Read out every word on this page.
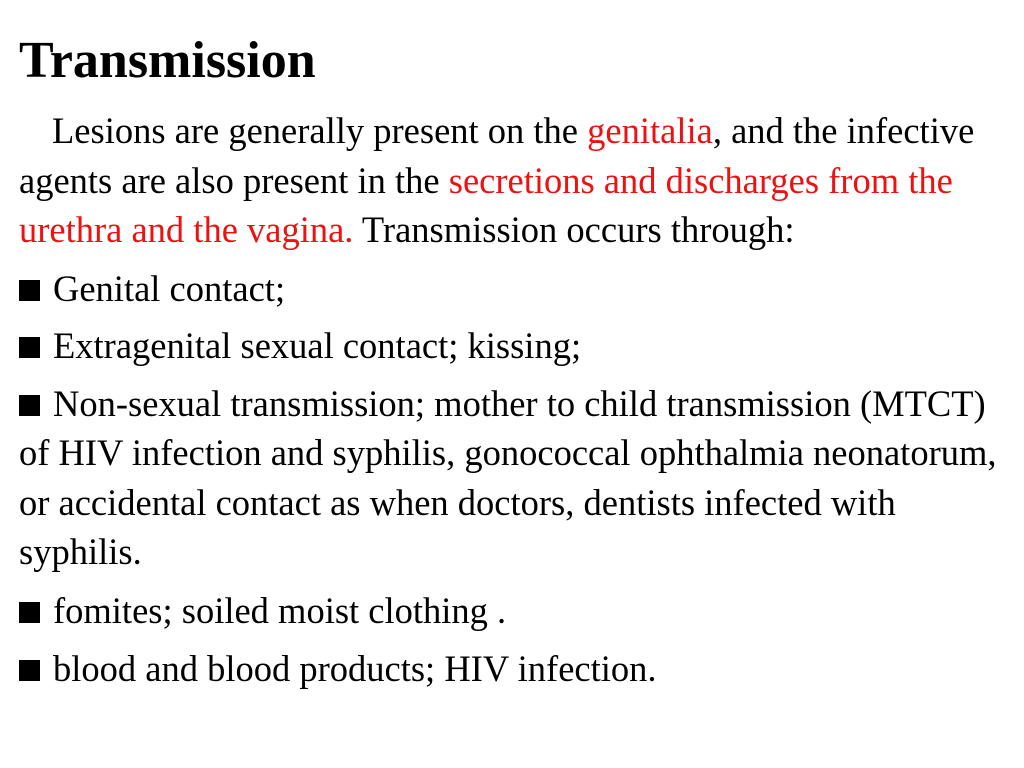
Transmission

Lesions are generally present on the genitalia, and the infective agents are also present in the secretions and discharges from the urethra and the vagina. Transmission occurs through:

Genital contact;
Extragenital sexual contact; kissing;
Non-sexual transmission; mother to child transmission (MTCT) of HIV infection and syphilis, gonococcal ophthalmia neonatorum, or accidental contact as when doctors, dentists infected with syphilis.
fomites; soiled moist clothing .
blood and blood products; HIV infection.
